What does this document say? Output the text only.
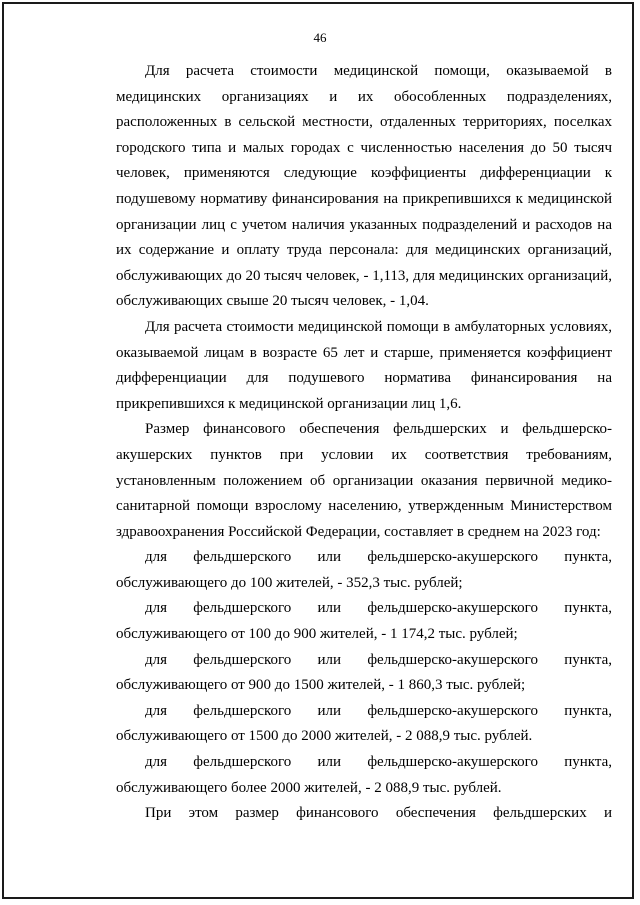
46

Для расчета стоимости медицинской помощи, оказываемой в медицинских организациях и их обособленных подразделениях, расположенных в сельской местности, отдаленных территориях, поселках городского типа и малых городах с численностью населения до 50 тысяч человек, применяются следующие коэффициенты дифференциации к подушевому нормативу финансирования на прикрепившихся к медицинской организации лиц с учетом наличия указанных подразделений и расходов на их содержание и оплату труда персонала: для медицинских организаций, обслуживающих до 20 тысяч человек, - 1,113, для медицинских организаций, обслуживающих свыше 20 тысяч человек, - 1,04.

Для расчета стоимости медицинской помощи в амбулаторных условиях, оказываемой лицам в возрасте 65 лет и старше, применяется коэффициент дифференциации для подушевого норматива финансирования на прикрепившихся к медицинской организации лиц 1,6.

Размер финансового обеспечения фельдшерских и фельдшерско-акушерских пунктов при условии их соответствия требованиям, установленным положением об организации оказания первичной медико-санитарной помощи взрослому населению, утвержденным Министерством здравоохранения Российской Федерации, составляет в среднем на 2023 год:

для фельдшерского или фельдшерско-акушерского пункта, обслуживающего до 100 жителей, - 352,3 тыс. рублей;

для фельдшерского или фельдшерско-акушерского пункта, обслуживающего от 100 до 900 жителей, - 1 174,2 тыс. рублей;

для фельдшерского или фельдшерско-акушерского пункта, обслуживающего от 900 до 1500 жителей, - 1 860,3 тыс. рублей;

для фельдшерского или фельдшерско-акушерского пункта, обслуживающего от 1500 до 2000 жителей, - 2 088,9 тыс. рублей.

для фельдшерского или фельдшерско-акушерского пункта, обслуживающего более 2000 жителей, - 2 088,9 тыс. рублей.

При этом размер финансового обеспечения фельдшерских и
